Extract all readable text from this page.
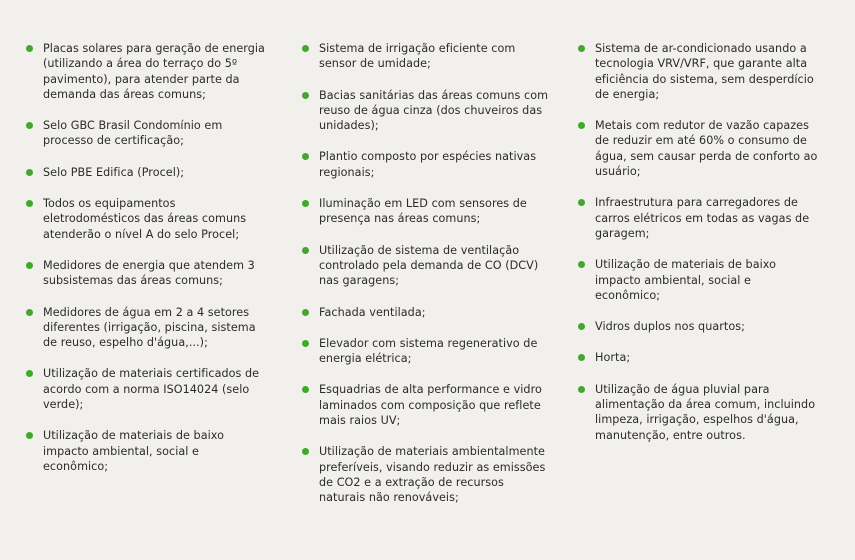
Placas solares para geração de energia (utilizando a área do terraço do 5º pavimento), para atender parte da demanda das áreas comuns;
Selo GBC Brasil Condomínio em processo de certificação;
Selo PBE Edifica (Procel);
Todos os equipamentos eletrodomésticos das áreas comuns atenderão o nível A do selo Procel;
Medidores de energia que atendem 3 subsistemas das áreas comuns;
Medidores de água em 2 a 4 setores diferentes (irrigação, piscina, sistema de reuso, espelho d'água,...);
Utilização de materiais certificados de acordo com a norma ISO14024 (selo verde);
Utilização de materiais de baixo impacto ambiental, social e econômico;
Sistema de irrigação eficiente com sensor de umidade;
Bacias sanitárias das áreas comuns com reuso de água cinza (dos chuveiros das unidades);
Plantio composto por espécies nativas regionais;
Iluminação em LED com sensores de presença nas áreas comuns;
Utilização de sistema de ventilação controlado pela demanda de CO (DCV) nas garagens;
Fachada ventilada;
Elevador com sistema regenerativo de energia elétrica;
Esquadrias de alta performance e vidro laminados com composição que reflete mais raios UV;
Utilização de materiais ambientalmente preferíveis, visando reduzir as emissões de CO2 e a extração de recursos naturais não renováveis;
Sistema de ar-condicionado usando a tecnologia VRV/VRF, que garante alta eficiência do sistema, sem desperdício de energia;
Metais com redutor de vazão capazes de reduzir em até 60% o consumo de água, sem causar perda de conforto ao usuário;
Infraestrutura para carregadores de carros elétricos em todas as vagas de garagem;
Utilização de materiais de baixo impacto ambiental, social e econômico;
Vidros duplos nos quartos;
Horta;
Utilização de água pluvial para alimentação da área comum, incluindo limpeza, irrigação, espelhos d'água, manutenção, entre outros.
